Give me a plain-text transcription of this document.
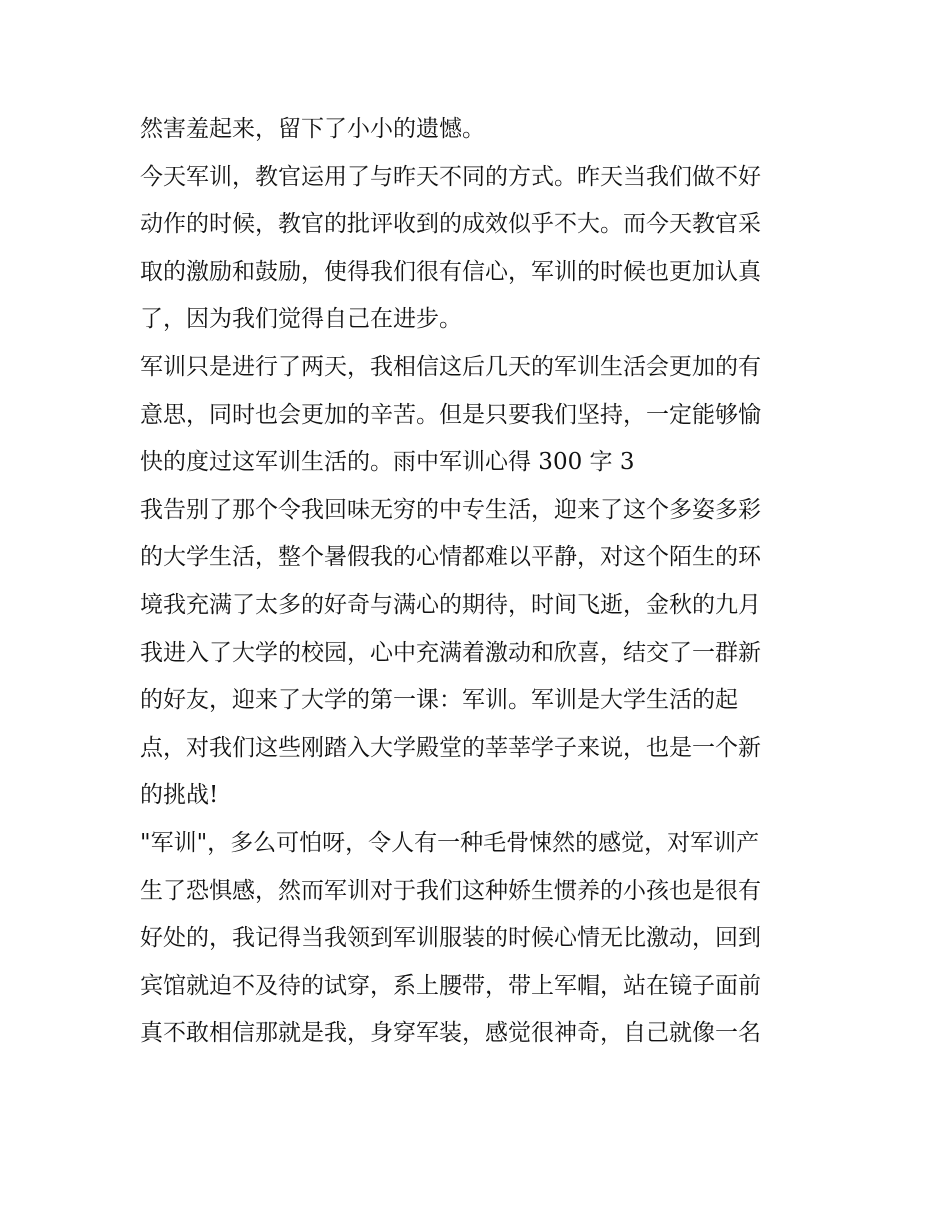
然害羞起来，留下了小小的遗憾。
今天军训，教官运用了与昨天不同的方式。昨天当我们做不好
动作的时候，教官的批评收到的成效似乎不大。而今天教官采
取的激励和鼓励，使得我们很有信心，军训的时候也更加认真
了，因为我们觉得自己在进步。
军训只是进行了两天，我相信这后几天的军训生活会更加的有
意思，同时也会更加的辛苦。但是只要我们坚持，一定能够愉
快的度过这军训生活的。雨中军训心得 300 字 3
我告别了那个令我回味无穷的中专生活，迎来了这个多姿多彩
的大学生活，整个暑假我的心情都难以平静，对这个陌生的环
境我充满了太多的好奇与满心的期待，时间飞逝，金秋的九月
我进入了大学的校园，心中充满着激动和欣喜，结交了一群新
的好友，迎来了大学的第一课：军训。军训是大学生活的起
点，对我们这些刚踏入大学殿堂的莘莘学子来说，也是一个新
的挑战!
"军训"，多么可怕呀，令人有一种毛骨悚然的感觉，对军训产
生了恐惧感，然而军训对于我们这种娇生惯养的小孩也是很有
好处的，我记得当我领到军训服装的时候心情无比激动，回到
宾馆就迫不及待的试穿，系上腰带，带上军帽，站在镜子面前
真不敢相信那就是我，身穿军装，感觉很神奇，自己就像一名
